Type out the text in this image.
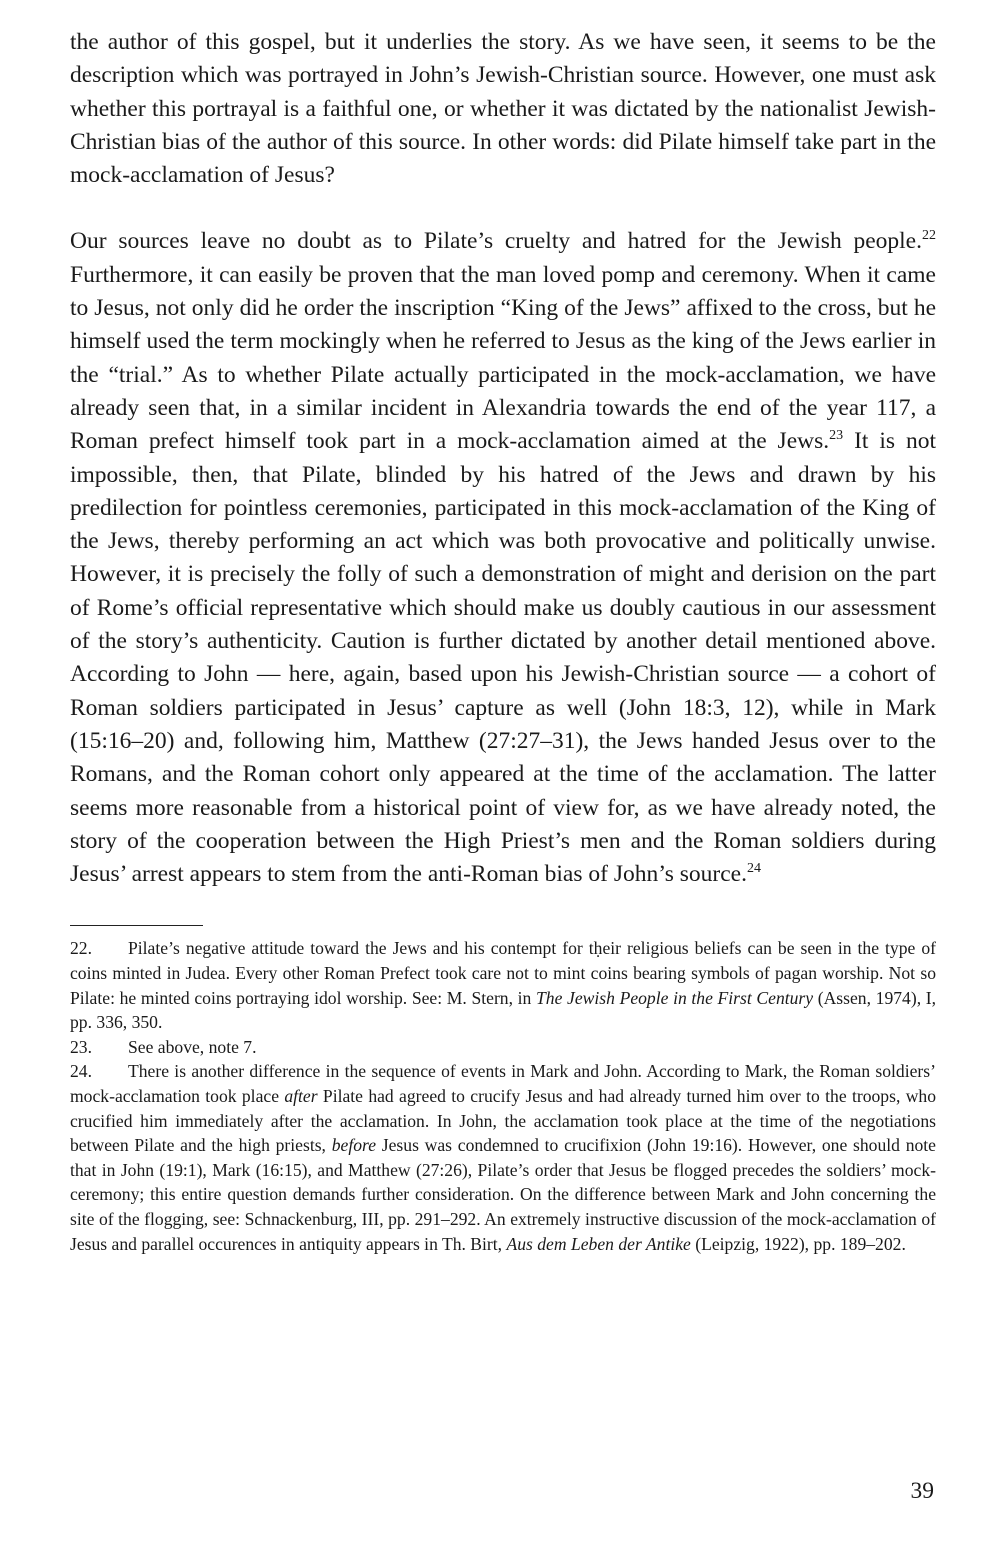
the author of this gospel, but it underlies the story. As we have seen, it seems to be the description which was portrayed in John’s Jewish-Christian source. However, one must ask whether this portrayal is a faithful one, or whether it was dictated by the nationalist Jewish-Christian bias of the author of this source. In other words: did Pilate himself take part in the mock-acclamation of Jesus?

Our sources leave no doubt as to Pilate’s cruelty and hatred for the Jewish people.$^{22}$ Furthermore, it can easily be proven that the man loved pomp and ceremony. When it came to Jesus, not only did he order the inscription “King of the Jews” affixed to the cross, but he himself used the term mockingly when he referred to Jesus as the king of the Jews earlier in the “trial.” As to whether Pilate actually participated in the mock-acclamation, we have already seen that, in a similar incident in Alexandria towards the end of the year 117, a Roman prefect himself took part in a mock-acclamation aimed at the Jews.$^{23}$ It is not impossible, then, that Pilate, blinded by his hatred of the Jews and drawn by his predilection for pointless ceremonies, participated in this mock-acclamation of the King of the Jews, thereby performing an act which was both provocative and politically unwise. However, it is precisely the folly of such a demonstration of might and derision on the part of Rome’s official representative which should make us doubly cautious in our assessment of the story’s authenticity. Caution is further dictated by another detail mentioned above. According to John — here, again, based upon his Jewish-Christian source — a cohort of Roman soldiers participated in Jesus’ capture as well (John 18:3, 12), while in Mark (15:16–20) and, following him, Matthew (27:27–31), the Jews handed Jesus over to the Romans, and the Roman cohort only appeared at the time of the acclamation. The latter seems more reasonable from a historical point of view for, as we have already noted, the story of the cooperation between the High Priest’s men and the Roman soldiers during Jesus’ arrest appears to stem from the anti-Roman bias of John’s source.$^{24}$

22. Pilate’s negative attitude toward the Jews and his contempt for tḥeir religious beliefs can be seen in the type of coins minted in Judea. Every other Roman Prefect took care not to mint coins bearing symbols of pagan worship. Not so Pilate: he minted coins portraying idol worship. See: M. Stern, in The Jewish People in the First Century (Assen, 1974), I, pp. 336, 350.

23. See above, note 7.

24. There is another difference in the sequence of events in Mark and John. According to Mark, the Roman soldiers’ mock-acclamation took place after Pilate had agreed to crucify Jesus and had already turned him over to the troops, who crucified him immediately after the acclamation. In John, the acclamation took place at the time of the negotiations between Pilate and the high priests, before Jesus was condemned to crucifixion (John 19:16). However, one should note that in John (19:1), Mark (16:15), and Matthew (27:26), Pilate’s order that Jesus be flogged precedes the soldiers’ mock-ceremony; this entire question demands further consideration. On the difference between Mark and John concerning the site of the flogging, see: Schnackenburg, III, pp. 291–292. An extremely instructive discussion of the mock-acclamation of Jesus and parallel occurences in antiquity appears in Th. Birt, Aus dem Leben der Antike (Leipzig, 1922), pp. 189–202.

39
